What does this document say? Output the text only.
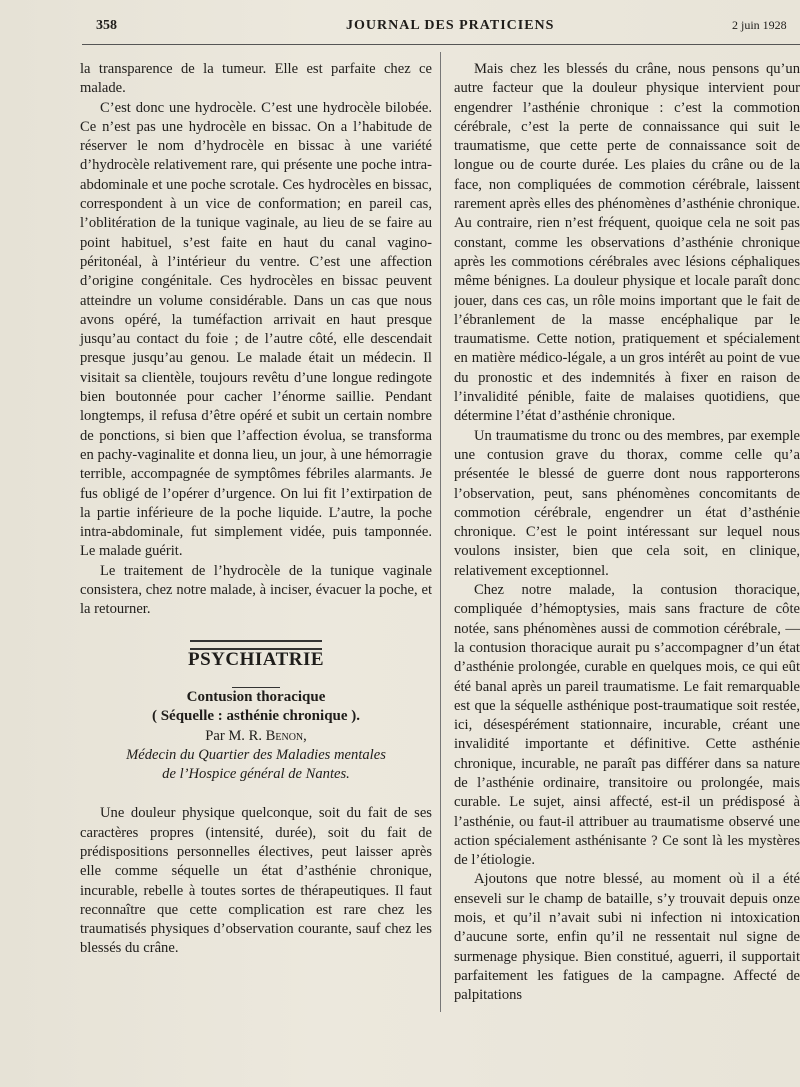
358	JOURNAL DES PRATICIENS	2 juin 1928

la transparence de la tumeur. Elle est parfaite chez ce malade.

C’est donc une hydrocèle. C’est une hydrocèle bilobée. Ce n’est pas une hydrocèle en bissac. On a l’habitude de réserver le nom d’hydrocèle en bissac à une variété d’hydrocèle relativement rare, qui présente une poche intra-abdominale et une poche scrotale. Ces hydrocèles en bissac, correspondent à un vice de conformation; en pareil cas, l’oblitération de la tunique vaginale, au lieu de se faire au point habituel, s’est faite en haut du canal vagino-péritonéal, à l’intérieur du ventre. C’est une affection d’origine congénitale. Ces hydrocèles en bissac peuvent atteindre un volume considérable. Dans un cas que nous avons opéré, la tuméfaction arrivait en haut presque jusqu’au contact du foie ; de l’autre côté, elle descendait presque jusqu’au genou. Le malade était un médecin. Il visitait sa clientèle, toujours revêtu d’une longue redingote bien boutonnée pour cacher l’énorme saillie. Pendant longtemps, il refusa d’être opéré et subit un certain nombre de ponctions, si bien que l’affection évolua, se transforma en pachy-vaginalite et donna lieu, un jour, à une hémorragie terrible, accompagnée de symptômes fébriles alarmants. Je fus obligé de l’opérer d’urgence. On lui fit l’extirpation de la partie inférieure de la poche liquide. L’autre, la poche intra-abdominale, fut simplement vidée, puis tamponnée. Le malade guérit.

Le traitement de l’hydrocèle de la tunique vaginale consistera, chez notre malade, à inciser, évacuer la poche, et la retourner.

PSYCHIATRIE

Contusion thoracique

( Séquelle : asthénie chronique ).

Par M. R. Benon,

Médecin du Quartier des Maladies mentales

de l’Hospice général de Nantes.

Une douleur physique quelconque, soit du fait de ses caractères propres (intensité, durée), soit du fait de prédispositions personnelles électives, peut laisser après elle comme séquelle un état d’asthénie chronique, incurable, rebelle à toutes sortes de thérapeutiques. Il faut reconnaître que cette complication est rare chez les traumatisés physiques d’observation courante, sauf chez les blessés du crâne.

Mais chez les blessés du crâne, nous pensons qu’un autre facteur que la douleur physique intervient pour engendrer l’asthénie chronique : c’est la commotion cérébrale, c’est la perte de connaissance qui suit le traumatisme, que cette perte de connaissance soit de longue ou de courte durée. Les plaies du crâne ou de la face, non compliquées de commotion cérébrale, laissent rarement après elles des phénomènes d’asthénie chronique. Au contraire, rien n’est fréquent, quoique cela ne soit pas constant, comme les observations d’asthénie chronique après les commotions cérébrales avec lésions céphaliques même bénignes. La douleur physique et locale paraît donc jouer, dans ces cas, un rôle moins important que le fait de l’ébranlement de la masse encéphalique par le traumatisme. Cette notion, pratiquement et spécialement en matière médico-légale, a un gros intérêt au point de vue du pronostic et des indemnités à fixer en raison de l’invalidité pénible, faite de malaises quotidiens, que détermine l’état d’asthénie chronique.

Un traumatisme du tronc ou des membres, par exemple une contusion grave du thorax, comme celle qu’a présentée le blessé de guerre dont nous rapporterons l’observation, peut, sans phénomènes concomitants de commotion cérébrale, engendrer un état d’asthénie chronique. C’est le point intéressant sur lequel nous voulons insister, bien que cela soit, en clinique, relativement exceptionnel.

Chez notre malade, la contusion thoracique, compliquée d’hémoptysies, mais sans fracture de côte notée, sans phénomènes aussi de commotion cérébrale, — la contusion thoracique aurait pu s’accompagner d’un état d’asthénie prolongée, curable en quelques mois, ce qui eût été banal après un pareil traumatisme. Le fait remarquable est que la séquelle asthénique post-traumatique soit restée, ici, désespérément stationnaire, incurable, créant une invalidité importante et définitive. Cette asthénie chronique, incurable, ne paraît pas différer dans sa nature de l’asthénie ordinaire, transitoire ou prolongée, mais curable. Le sujet, ainsi affecté, est-il un prédisposé à l’asthénie, ou faut-il attribuer au traumatisme observé une action spécialement asthénisante ? Ce sont là les mystères de l’étiologie.

Ajoutons que notre blessé, au moment où il a été enseveli sur le champ de bataille, s’y trouvait depuis onze mois, et qu’il n’avait subi ni infection ni intoxication d’aucune sorte, enfin qu’il ne ressentait nul signe de surmenage physique. Bien constitué, aguerri, il supportait parfaitement les fatigues de la campagne. Affecté de palpitations
